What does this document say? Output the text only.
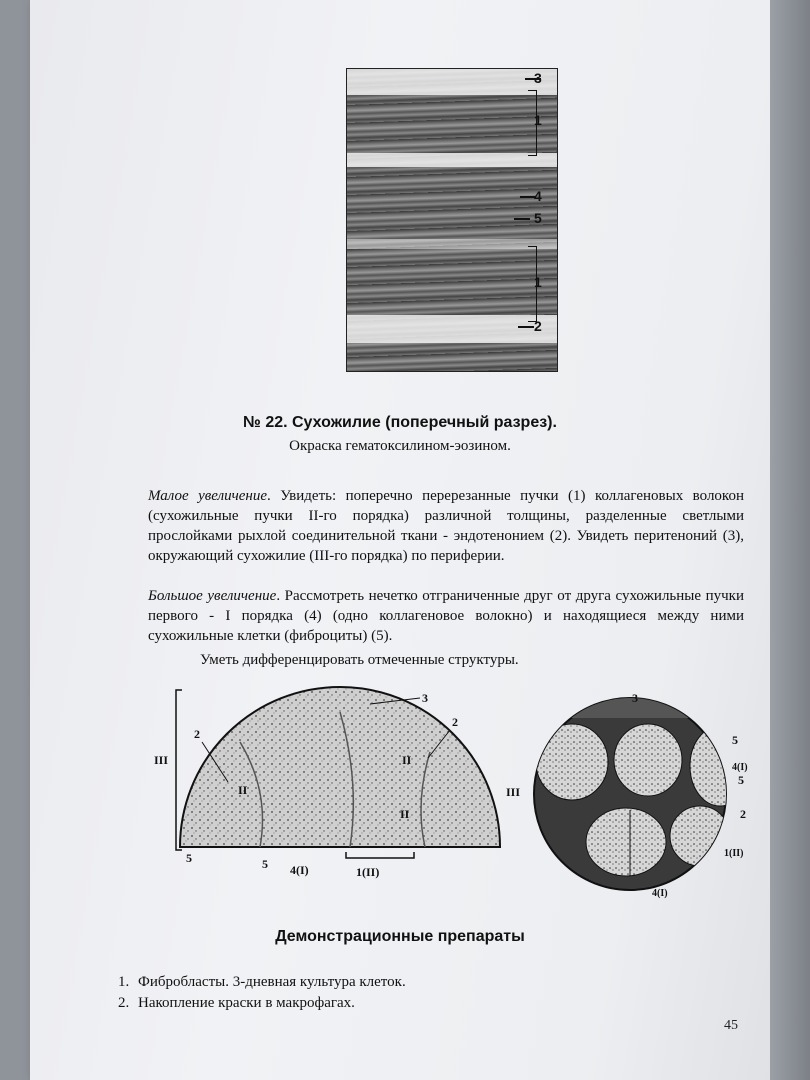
3
1
4
5
1
2
№ 22. Сухожилие (поперечный разрез).
Окраска гематоксилином-эозином.

Малое увеличение. Увидеть: поперечно перерезанные пучки (1) коллагеновых волокон (сухожильные пучки II-го порядка) различной толщины, разделенные светлыми прослойками рыхлой соединительной ткани - эндотенонием (2). Увидеть перитеноний (3), окружающий сухожилие (III-го порядка) по периферии.

Большое увеличение. Рассмотреть нечетко отграниченные друг от друга сухожильные пучки первого - I порядка (4) (одно коллагеновое волокно) и находящиеся между ними сухожильные клетки (фиброциты) (5).

Уметь дифференцировать отмеченные структуры.

III
2
II
3
2
II
II
5	5 4(I)	1(II)
3
III
5
4(I)
5
2
1(II)
4(I)
Демонстрационные препараты
1. Фибробласты. 3-дневная культура клеток.
2. Накопление краски в макрофагах.
45
